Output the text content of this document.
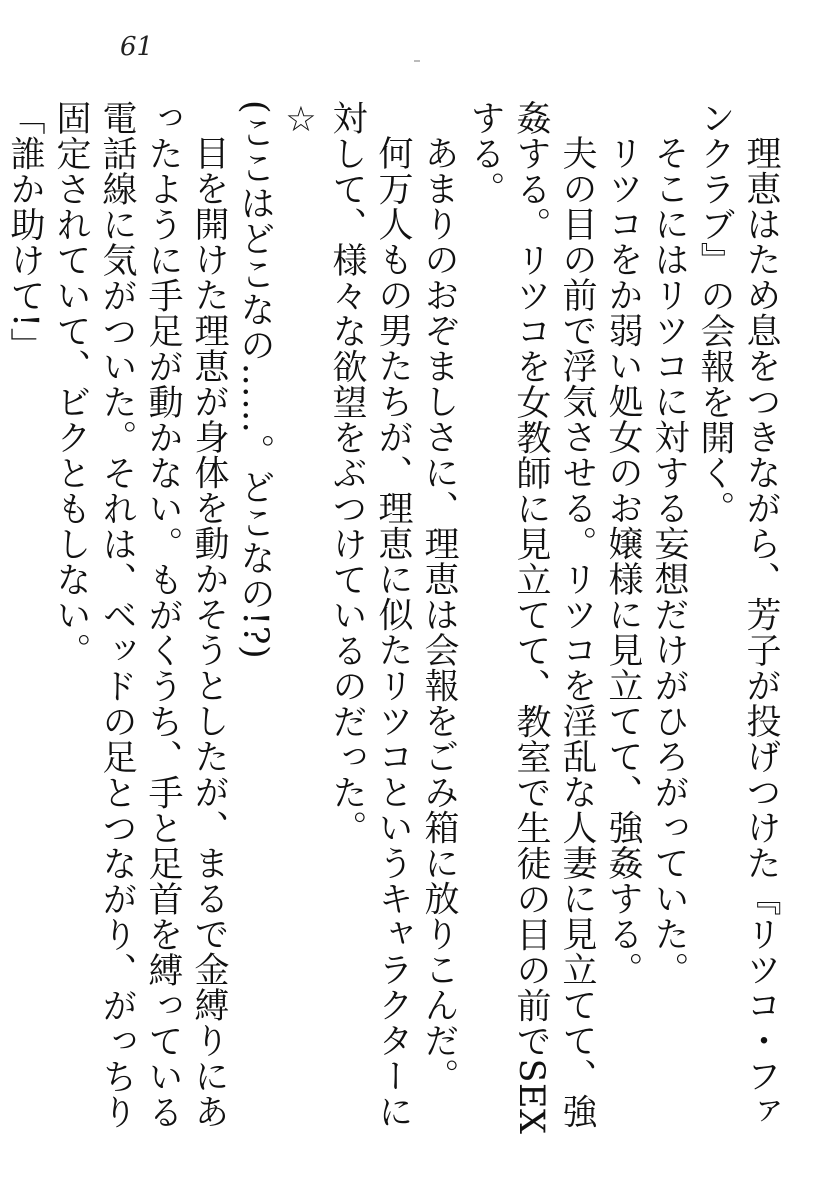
61

理恵はため息をつきながら、芳子が投げつけた『リツコ・ファンクラブ』の会報を開く。

そこにはリツコに対する妄想だけがひろがっていた。

リツコをか弱い処女のお嬢様に見立てて、強姦する。

夫の目の前で浮気させる。リツコを淫乱な人妻に見立てて、強姦する。リツコを女教師に見立てて、教室で生徒の目の前でSEXする。

あまりのおぞましさに、理恵は会報をごみ箱に放りこんだ。

何万人もの男たちが、理恵に似たリツコというキャラクターに対して、様々な欲望をぶつけているのだった。

☆

(ここはどこなの……。どこなの!?)

目を開けた理恵が身体を動かそうとしたが、まるで金縛りにあったように手足が動かない。もがくうち、手と足首を縛っている電話線に気がついた。それは、ベッドの足とつながり、がっちり固定されていて、ビクともしない。

「誰か助けて!」
